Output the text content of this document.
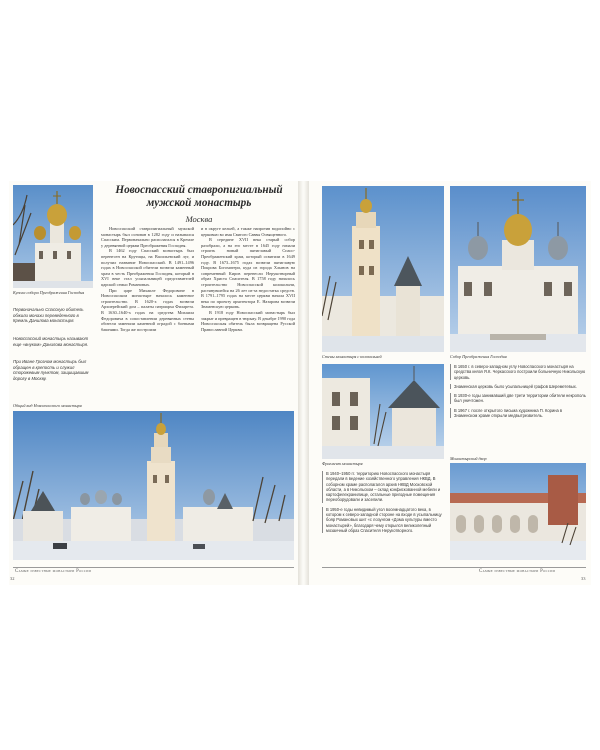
Купола собора Преображения Господня
Новоспасский ставропигиальный мужской монастырь
Москва

Новоспасский ставропигиальный мужской монастырь был основан в 1282 году и назывался Спасским. Первоначально располагался в Кремле у деревянной церкви Преображения Господня.

В 1462 году Спасский монастырь был перенесен на Крутицы, на Васильевский луг, и получил название Новоспасский. В 1491–1496 годах в Новоспасской обители возвели каменный храм в честь Преображения Господня, который в XVI веке стал усыпальницей представителей царской семьи Романовых.

При царе Михаиле Федоровиче в Новоспасском монастыре началось каменное строительство. В 1620-х годах возвели Архиерейский дом – палаты патриарха Филарета. В 1630–1640-х годах на средства Михаила Федоровича в сопоставлении деревянных стены обители заменили каменной оградой с боевыми башнями. Тогда же построили

и в округе кельей, а также напротив водопойно с церковью во имя Святого Саввы Освященного.

В середине XVII века старый собор разобрали, а на его месте в 1645 году начали строить новый пятиглавый Спасо-Преображенский храм, который освятили в 1649 году. В 1673–1675 годах возвели пятиглавую Покрова Богоматери, куда из города Хлынов на современный Киров перенесли Нерукотворный образ Христа Спасителя. В 1758 году началось строительство Новоспасской колокольни, растянувшейся на 26 лет из-за недостатка средств. В 1791–1795 годах на месте церкви начала XVII века по проекту архитектора Е. Назарова возвели Знаменскую церковь.

В 1918 году Новоспасский монастырь был закрыт и превращен в тюрьму. В декабре 1990 года Новоспасская обитель была возвращена Русской Православной Церкви.

Первоначально Спасскую обитель обжили монахи переведенного в Кремль Данилова монастыря.
Новоспасский монастырь называют еще «внуком» Данилова монастыря.
При Иване Грозном монастырь был обращен в крепость и служил сторожевым пунктом, защищавшим дорогу в Москву.
Общий вид Новоспасского монастыря
Самые известные монастыри России
32
Стены монастыря с колокольней	Собор Преображения Господня
Фрагмент монастыря

В 1650 г. в северо-западном углу Новоспасского монастыря на средства князя Я.К. Черкасского построили больничную Никольскую церковь.

Знаменская церковь было усыпальницей графов Шереметевых.

В 1930-е годы занимавший две трети территории обители некрополь был уничтожен.

В 1967 г. после открытого письма художника П. Корина в Знаменском храме открыли медвытрезвитель.

Монастырский двор

В 1940–1950 гг. территорию Новоспасского монастыря передали в ведение хозяйственного управления НКВД. В соборном храме располагался архив НКВД Московской области, а в Никольском – склад конфискованной мебели и картофелехранилище, остальные пригодные помещения переоборудовали и заселили.

В 1950-е годы невидимый угол восемнадцатого века, в котором к северо-западной стороне на входе в усыпальницу бояр Романовых шит «с лозунгом «Дома культуры вместо монастырей», благодаря чему открылся великолепный мозаичный образ Спасителя Нерукотворного.

Самые известные монастыри России
33
